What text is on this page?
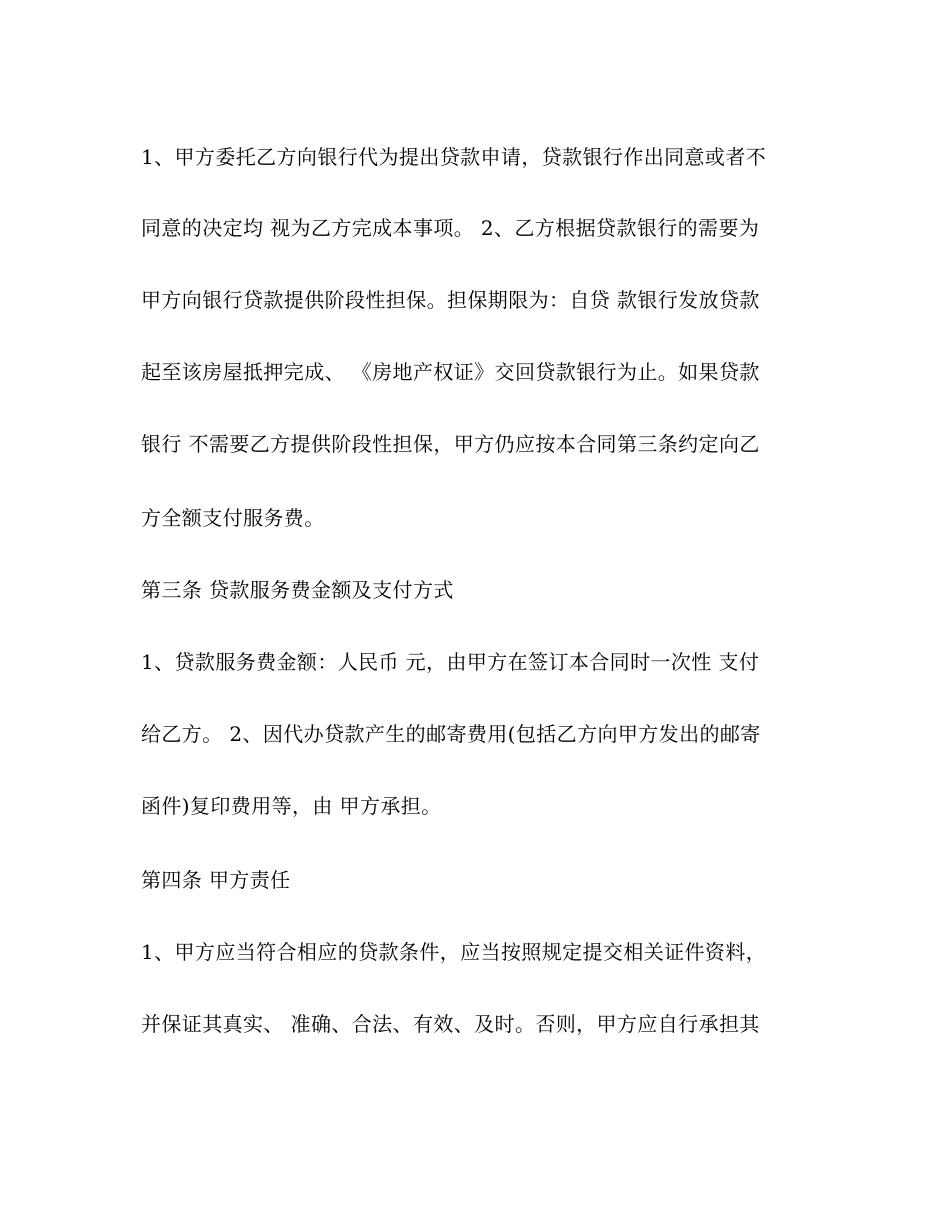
1、甲方委托乙方向银行代为提出贷款申请，贷款银行作出同意或者不
同意的决定均 视为乙方完成本事项。 2、乙方根据贷款银行的需要为
甲方向银行贷款提供阶段性担保。担保期限为：自贷 款银行发放贷款
起至该房屋抵押完成、 《房地产权证》交回贷款银行为止。如果贷款
银行 不需要乙方提供阶段性担保，甲方仍应按本合同第三条约定向乙
方全额支付服务费。
第三条 贷款服务费金额及支付方式
1、贷款服务费金额：人民币 元，由甲方在签订本合同时一次性 支付
给乙方。 2、因代办贷款产生的邮寄费用(包括乙方向甲方发出的邮寄
函件)复印费用等，由 甲方承担。
第四条 甲方责任
1、甲方应当符合相应的贷款条件，应当按照规定提交相关证件资料，
并保证其真实、 准确、合法、有效、及时。否则，甲方应自行承担其
